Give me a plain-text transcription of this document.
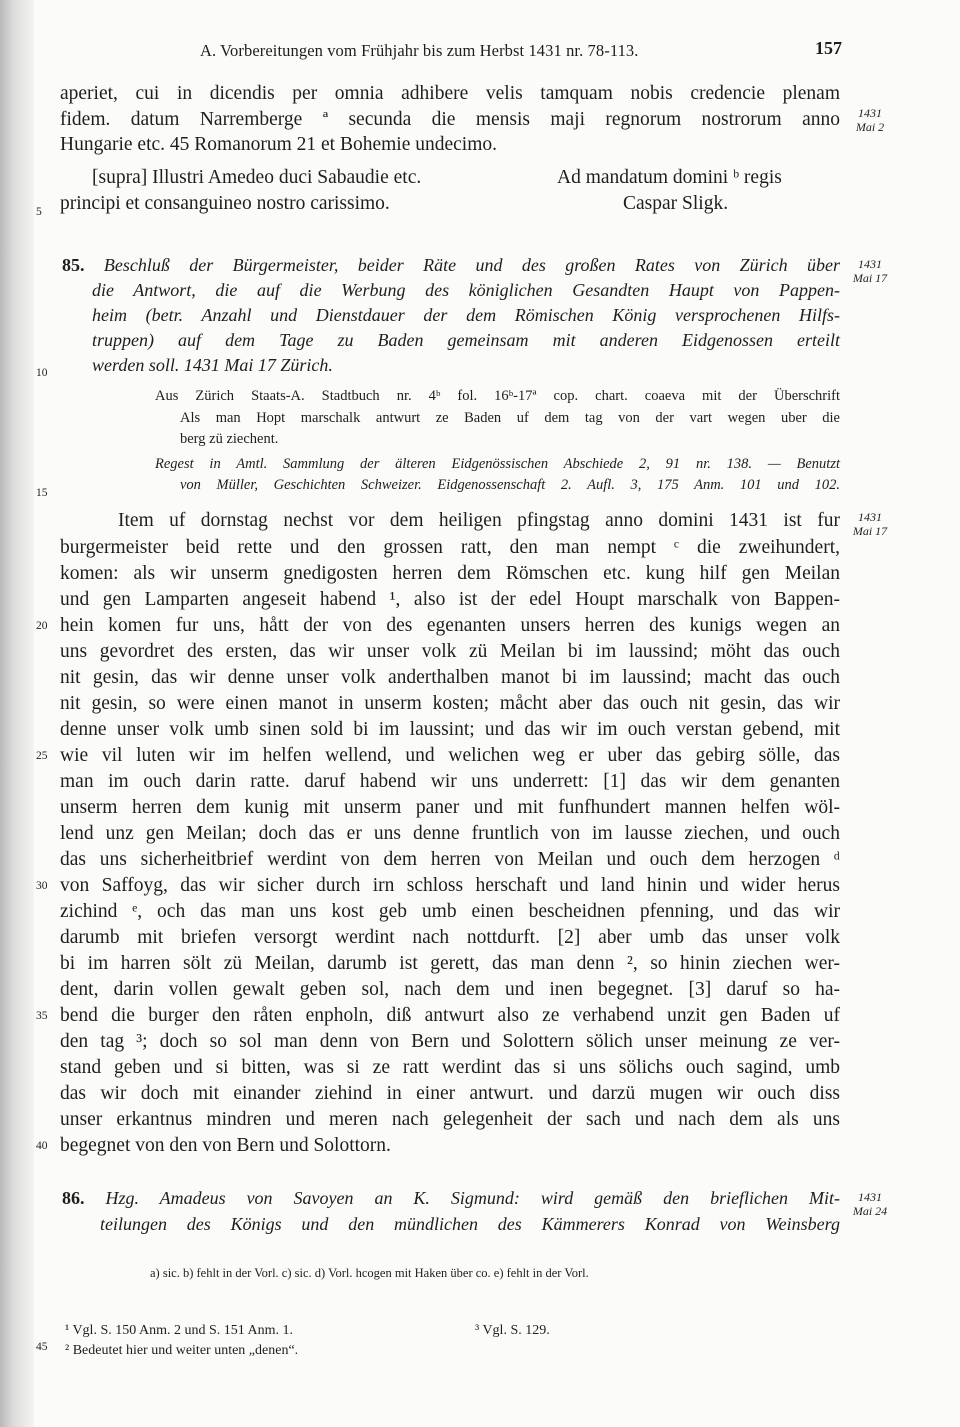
A. Vorbereitungen vom Frühjahr bis zum Herbst 1431 nr. 78-113.	157
aperiet, cui in dicendis per omnia adhibere velis tamquam nobis credencie plenam
fidem. datum Narremberge ª secunda die mensis maji regnorum nostrorum anno
Hungarie etc. 45 Romanorum 21 et Bohemie undecimo.
[supra] Illustri Amedeo duci Sabaudie etc.
principi et consanguineo nostro carissimo.
Ad mandatum domini ᵇ regis
Caspar Sligk.
85. Beschluß der Bürgermeister, beider Räte und des großen Rates von Zürich über
die Antwort, die auf die Werbung des königlichen Gesandten Haupt von Pappen-
heim (betr. Anzahl und Dienstdauer der dem Römischen König versprochenen Hilfs-
truppen) auf dem Tage zu Baden gemeinsam mit anderen Eidgenossen erteilt
werden soll. 1431 Mai 17 Zürich.
Aus Zürich Staats-A. Stadtbuch nr. 4ᵇ fol. 16ᵇ-17ª cop. chart. coaeva mit der Überschrift
Als man Hopt marschalk antwurt ze Baden uf dem tag von der vart wegen uber die
berg zü ziechent.
Regest in Amtl. Sammlung der älteren Eidgenössischen Abschiede 2, 91 nr. 138. — Benutzt
von Müller, Geschichten Schweizer. Eidgenossenschaft 2. Aufl. 3, 175 Anm. 101 und 102.
Item uf dornstag nechst vor dem heiligen pfingstag anno domini 1431 ist fur
burgermeister beid rette und den grossen ratt, den man nempt ᶜ die zweihundert,
komen: als wir unserm gnedigosten herren dem Römschen etc. kung hilf gen Meilan
und gen Lamparten angeseit habend ¹, also ist der edel Houpt marschalk von Bappen-
hein komen fur uns, hått der von des egenanten unsers herren des kunigs wegen an
uns gevordret des ersten, das wir unser volk zü Meilan bi im laussind; möht das ouch
nit gesin, das wir denne unser volk anderthalben manot bi im laussind; macht das ouch
nit gesin, so were einen manot in unserm kosten; måcht aber das ouch nit gesin, das wir
denne unser volk umb sinen sold bi im laussint; und das wir im ouch verstan gebend, mit
wie vil luten wir im helfen wellend, und welichen weg er uber das gebirg sölle, das
man im ouch darin ratte. daruf habend wir uns underrett: [1] das wir dem genanten
unserm herren dem kunig mit unserm paner und mit funfhundert mannen helfen wöl-
lend unz gen Meilan; doch das er uns denne fruntlich von im lausse ziechen, und ouch
das uns sicherheitbrief werdint von dem herren von Meilan und ouch dem herzogen ᵈ
von Saffoyg, das wir sicher durch irn schloss herschaft und land hinin und wider herus
zichind ᵉ, och das man uns kost geb umb einen bescheidnen pfenning, und das wir
darumb mit briefen versorgt werdint nach nottdurft. [2] aber umb das unser volk
bi im harren sölt zü Meilan, darumb ist gerett, das man denn ², so hinin ziechen wer-
dent, darin vollen gewalt geben sol, nach dem und inen begegnet. [3] daruf so ha-
bend die burger den råten enpholn, diß antwurt also ze verhabend unzit gen Baden uf
den tag ³; doch so sol man denn von Bern und Solottern sölich unser meinung ze ver-
stand geben und si bitten, was si ze ratt werdint das si uns sölichs ouch sagind, umb
das wir doch mit einander ziehind in einer antwurt. und darzü mugen wir ouch diss
unser erkantnus mindren und meren nach gelegenheit der sach und nach dem als uns
begegnet von den von Bern und Solottorn.
86. Hzg. Amadeus von Savoyen an K. Sigmund: wird gemäß den brieflichen Mit-
teilungen des Königs und den mündlichen des Kämmerers Konrad von Weinsberg
a) sic. b) fehlt in der Vorl. c) sic. d) Vorl. hcogen mit Haken über co. e) fehlt in der Vorl.
¹ Vgl. S. 150 Anm. 2 und S. 151 Anm. 1.	³ Vgl. S. 129.
² Bedeutet hier und weiter unten „denen“.
5
10
15
20
25
30
35
40
45
1431
Mai 2
1431
Mai 17
1431
Mai 17
1431
Mai 24
